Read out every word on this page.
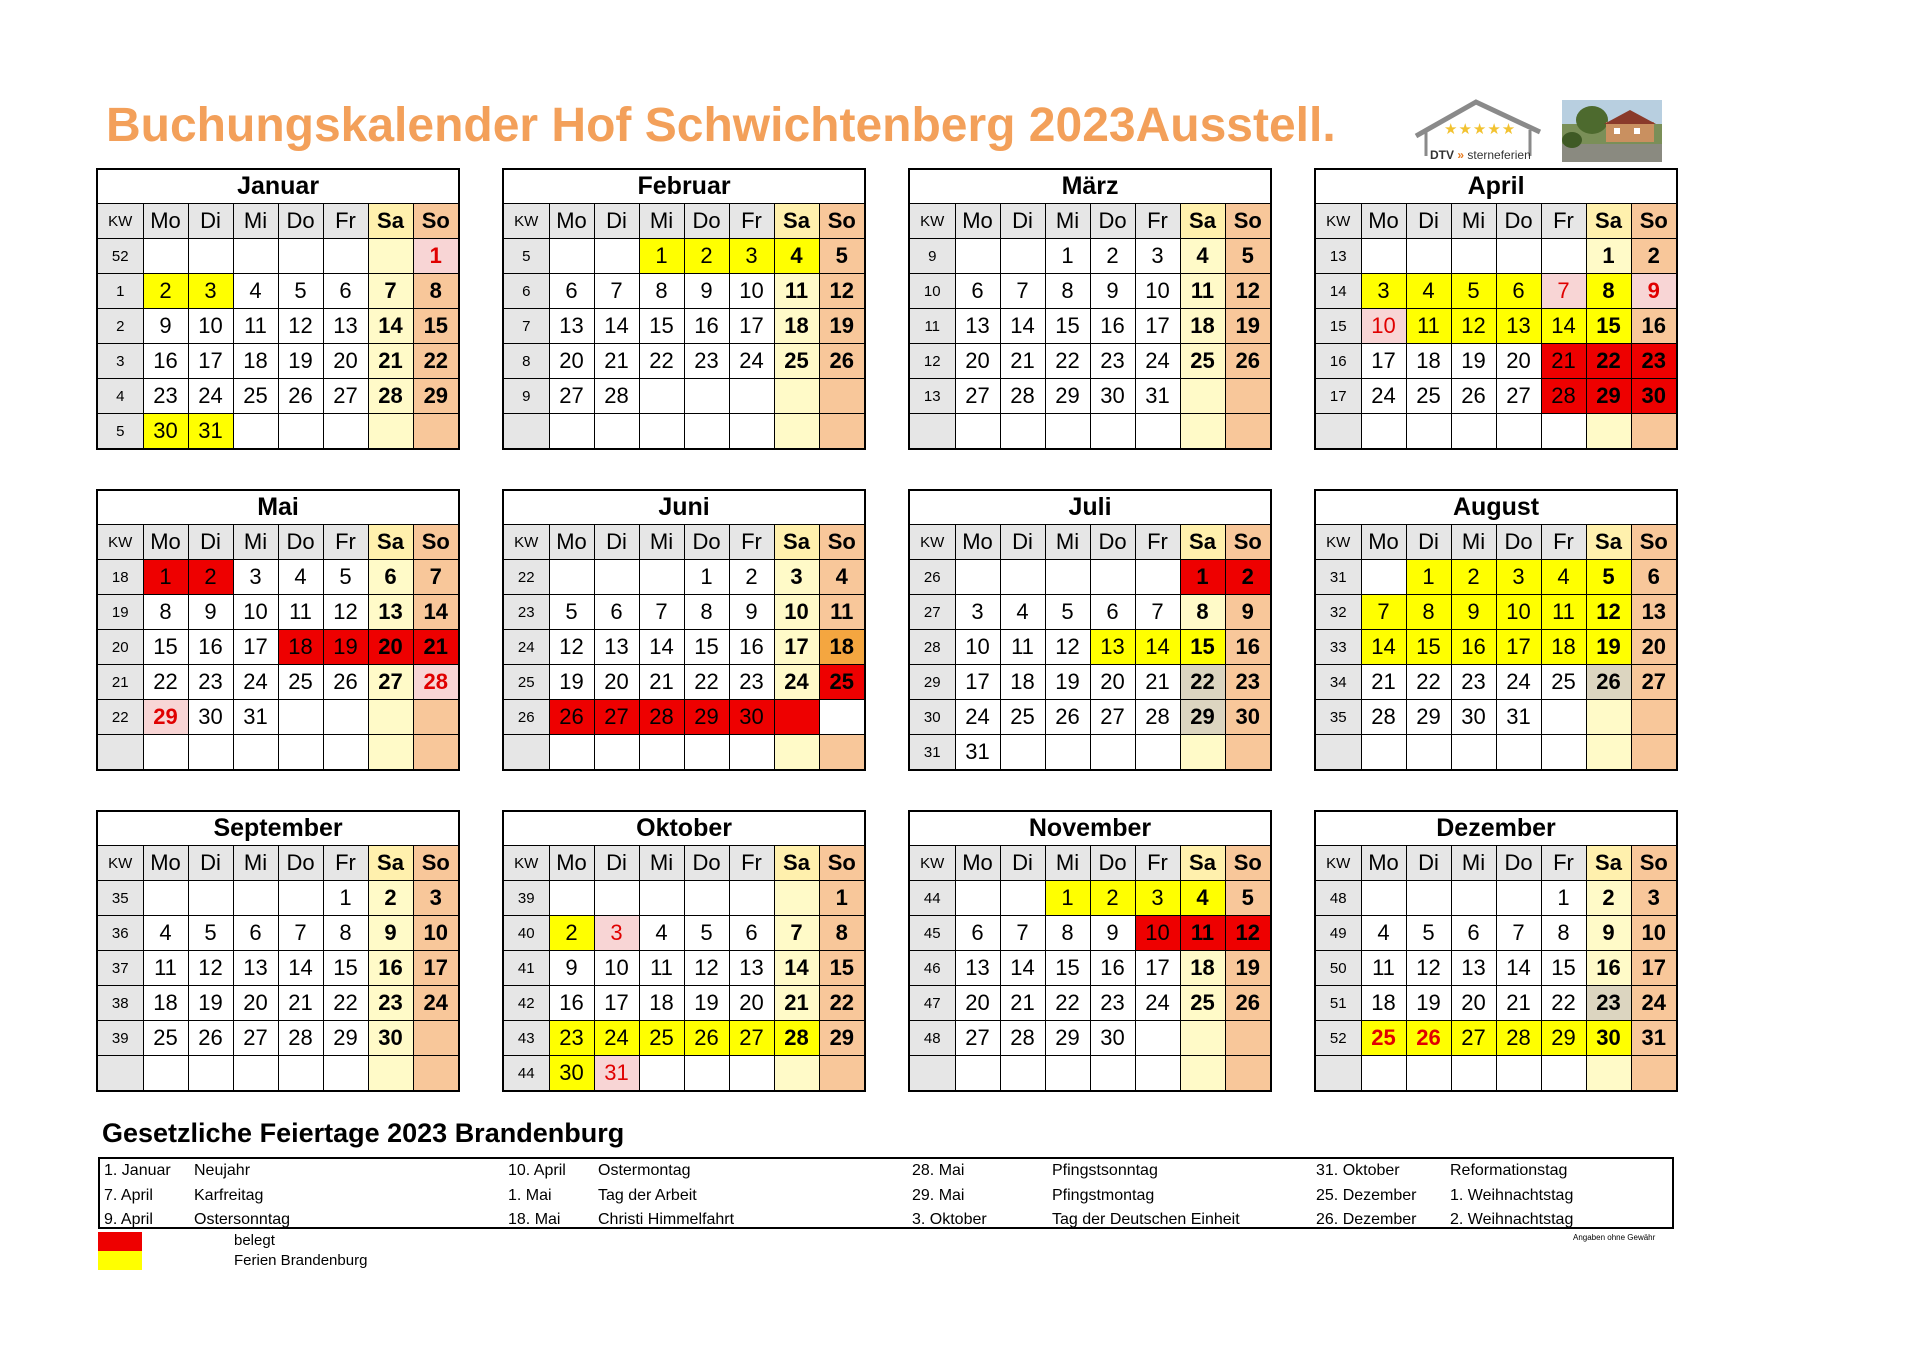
Buchungskalender Hof Schwichtenberg 2023Ausstell.	★★★★★
DTV » sterneferien
Januar							
KW	Mo	Di	Mi	Do	Fr	Sa	So
52							1
1	2	3	4	5	6	7	8
2	9	10	11	12	13	14	15
3	16	17	18	19	20	21	22
4	23	24	25	26	27	28	29
5	30	31					
Februar							
KW	Mo	Di	Mi	Do	Fr	Sa	So
5			1	2	3	4	5
6	6	7	8	9	10	11	12
7	13	14	15	16	17	18	19
8	20	21	22	23	24	25	26
9	27	28					

März							
KW	Mo	Di	Mi	Do	Fr	Sa	So
9			1	2	3	4	5
10	6	7	8	9	10	11	12
11	13	14	15	16	17	18	19
12	20	21	22	23	24	25	26
13	27	28	29	30	31		

April							
KW	Mo	Di	Mi	Do	Fr	Sa	So
13						1	2
14	3	4	5	6	7	8	9
15	10	11	12	13	14	15	16
16	17	18	19	20	21	22	23
17	24	25	26	27	28	29	30

Mai							
KW	Mo	Di	Mi	Do	Fr	Sa	So
18	1	2	3	4	5	6	7
19	8	9	10	11	12	13	14
20	15	16	17	18	19	20	21
21	22	23	24	25	26	27	28
22	29	30	31				

Juni							
KW	Mo	Di	Mi	Do	Fr	Sa	So
22				1	2	3	4
23	5	6	7	8	9	10	11
24	12	13	14	15	16	17	18
25	19	20	21	22	23	24	25
26	26	27	28	29	30		

Juli							
KW	Mo	Di	Mi	Do	Fr	Sa	So
26						1	2
27	3	4	5	6	7	8	9
28	10	11	12	13	14	15	16
29	17	18	19	20	21	22	23
30	24	25	26	27	28	29	30
31	31						
August							
KW	Mo	Di	Mi	Do	Fr	Sa	So
31		1	2	3	4	5	6
32	7	8	9	10	11	12	13
33	14	15	16	17	18	19	20
34	21	22	23	24	25	26	27
35	28	29	30	31			

September							
KW	Mo	Di	Mi	Do	Fr	Sa	So
35					1	2	3
36	4	5	6	7	8	9	10
37	11	12	13	14	15	16	17
38	18	19	20	21	22	23	24
39	25	26	27	28	29	30	

Oktober							
KW	Mo	Di	Mi	Do	Fr	Sa	So
39							1
40	2	3	4	5	6	7	8
41	9	10	11	12	13	14	15
42	16	17	18	19	20	21	22
43	23	24	25	26	27	28	29
44	30	31					
November							
KW	Mo	Di	Mi	Do	Fr	Sa	So
44			1	2	3	4	5
45	6	7	8	9	10	11	12
46	13	14	15	16	17	18	19
47	20	21	22	23	24	25	26
48	27	28	29	30			

Dezember							
KW	Mo	Di	Mi	Do	Fr	Sa	So
48					1	2	3
49	4	5	6	7	8	9	10
50	11	12	13	14	15	16	17
51	18	19	20	21	22	23	24
52	25	26	27	28	29	30	31

Gesetzliche Feiertage 2023 Brandenburg
1. Januar Neujahr
7. April	Karfreitag
9. April	Ostersonntag
10. April Ostermontag
1. Mai	Tag der Arbeit
18. Mai Christi Himmelfahrt
28. Mai	Pfingstsonntag
29. Mai	Pfingstmontag
3. Oktober	Tag der Deutschen Einheit
31. Oktober	Reformationstag
25. Dezember 1. Weihnachtstag
26. Dezember 2. Weihnachtstag
Angaben ohne Gewähr
belegt
Ferien Brandenburg
